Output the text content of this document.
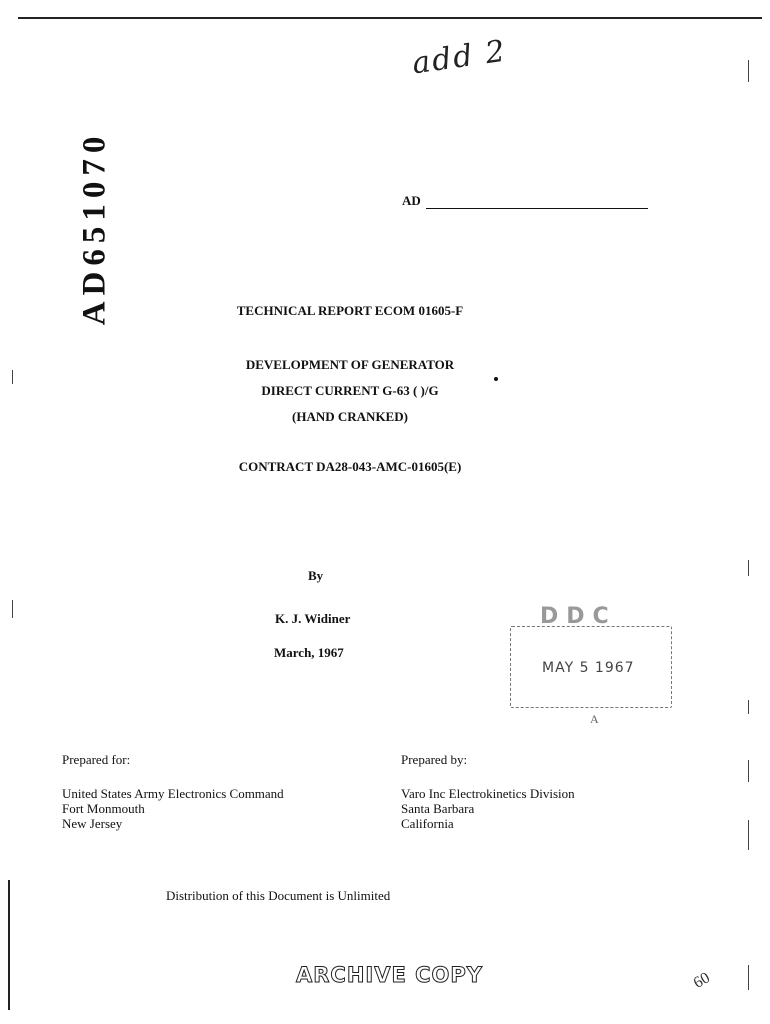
add 2
AD651070	AD
TECHNICAL REPORT ECOM 01605-F
DEVELOPMENT OF GENERATOR
DIRECT CURRENT G-63 ( )/G
(HAND CRANKED)
CONTRACT DA28-043-AMC-01605(E)
By
K. J. Widiner
March, 1967
DDC
MAY 5 1967
A
Prepared for:
United States Army Electronics Command
Fort Monmouth
New Jersey
Prepared by:
Varo Inc Electrokinetics Division
Santa Barbara
California
Distribution of this Document is Unlimited
ARCHIVE COPY	60
